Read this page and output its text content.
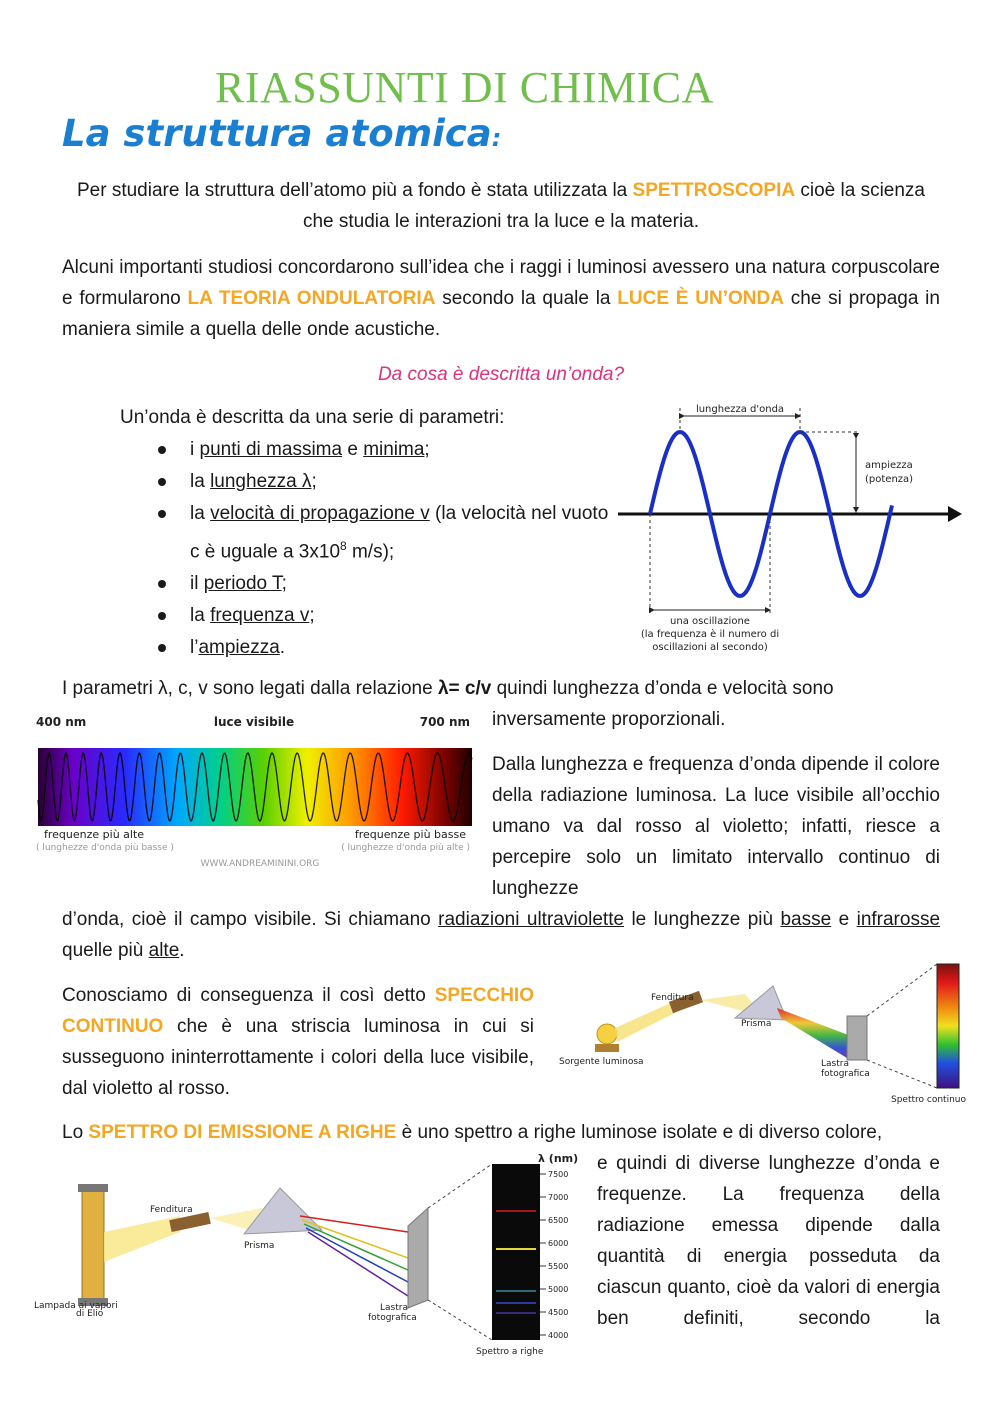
RIASSUNTI DI CHIMICA
La struttura atomica:

Per studiare la struttura dell’atomo più a fondo è stata utilizzata la SPETTROSCOPIA cioè la scienza che studia le interazioni tra la luce e la materia.

Alcuni importanti studiosi concordarono sull’idea che i raggi i luminosi avessero una natura corpuscolare e formularono LA TEORIA ONDULATORIA secondo la quale la LUCE È UN’ONDA che si propaga in maniera simile a quella delle onde acustiche.

Da cosa è descritta un’onda?
Un’onda è descritta da una serie di parametri:
i punti di massima e minima;
la lunghezza λ;
la velocità di propagazione v (la velocità nel vuoto c è uguale a $3x10^8$ m/s);
il periodo T;
la frequenza v;
l’ampiezza.
lunghezza d'onda
ampiezza
(potenza)
una oscillazione
(la frequenza è il numero di
oscillazioni al secondo)
I parametri λ, c, v sono legati dalla relazione λ= c/v quindi lunghezza d’onda e velocità sono
inversamente proporzionali.
400 nm	luce visibile	700 nm
frequenze più alte
( lunghezze d'onda più basse )
frequenze più basse
( lunghezze d'onda più alte )
WWW.ANDREAMININI.ORG

Dalla lunghezza e frequenza d’onda dipende il colore della radiazione luminosa. La luce visibile all’occhio umano va dal rosso al violetto; infatti, riesce a percepire solo un limitato intervallo continuo di lunghezze

d’onda, cioè il campo visibile. Si chiamano radiazioni ultraviolette le lunghezze più basse e infrarosse quelle più alte.

Conosciamo di conseguenza il così detto SPECCHIO CONTINUO che è una striscia luminosa in cui si susseguono ininterrottamente i colori della luce visibile, dal violetto al rosso.

Fenditura
Prisma
Sorgente luminosa	Lastra
fotografica
Spettro continuo
Lo SPETTRO DI EMISSIONE A RIGHE è uno spettro a righe luminose isolate e di diverso colore,

e quindi di diverse lunghezze d’onda e frequenze. La frequenza della radiazione emessa dipende dalla quantità di energia posseduta da ciascun quanto, cioè da valori di energia ben definiti, secondo la

λ (nm)
7500
7000
6500
6000
5500
5000
4500
4000
Fenditura
Prisma
Lampada ai vapori
di Elio
Lastra
fotografica
Spettro a righe
